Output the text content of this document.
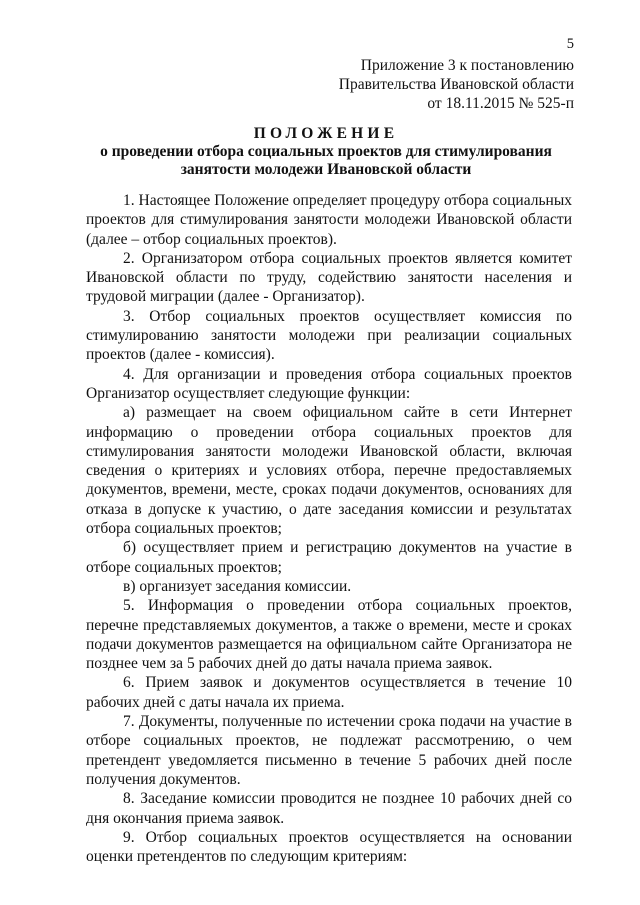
5
Приложение 3 к постановлению
Правительства Ивановской области
от 18.11.2015 № 525-п
ПОЛОЖЕНИЕ
о проведении отбора социальных проектов для стимулирования
занятости молодежи Ивановской области

1. Настоящее Положение определяет процедуру отбора социальных проектов для стимулирования занятости молодежи Ивановской области (далее – отбор социальных проектов).

2. Организатором отбора социальных проектов является комитет Ивановской области по труду, содействию занятости населения и трудовой миграции (далее - Организатор).

3. Отбор социальных проектов осуществляет комиссия по стимулированию занятости молодежи при реализации социальных проектов (далее - комиссия).

4. Для организации и проведения отбора социальных проектов Организатор осуществляет следующие функции:

а) размещает на своем официальном сайте в сети Интернет информацию о проведении отбора социальных проектов для стимулирования занятости молодежи Ивановской области, включая сведения о критериях и условиях отбора, перечне предоставляемых документов, времени, месте, сроках подачи документов, основаниях для отказа в допуске к участию, о дате заседания комиссии и результатах отбора социальных проектов;

б) осуществляет прием и регистрацию документов на участие в отборе социальных проектов;

в) организует заседания комиссии.

5. Информация о проведении отбора социальных проектов, перечне представляемых документов, а также о времени, месте и сроках подачи документов размещается на официальном сайте Организатора не позднее чем за 5 рабочих дней до даты начала приема заявок.

6. Прием заявок и документов осуществляется в течение 10 рабочих дней с даты начала их приема.

7. Документы, полученные по истечении срока подачи на участие в отборе социальных проектов, не подлежат рассмотрению, о чем претендент уведомляется письменно в течение 5 рабочих дней после получения документов.

8. Заседание комиссии проводится не позднее 10 рабочих дней со дня окончания приема заявок.

9. Отбор социальных проектов осуществляется на основании оценки претендентов по следующим критериям:
